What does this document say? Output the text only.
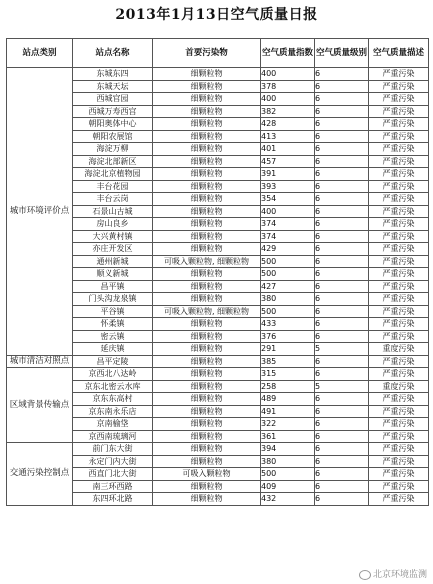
2013年1月13日空气质量日报
站点类别	站点名称	首要污染物	空气质量指数	空气质量级别	空气质量描述
城市环境评价点	东城东四	细颗粒物	400	6	严重污染
	东城天坛	细颗粒物	378	6	严重污染
	西城官园	细颗粒物	400	6	严重污染
	西城万寿西宫	细颗粒物	382	6	严重污染
	朝阳奥体中心	细颗粒物	428	6	严重污染
	朝阳农展馆	细颗粒物	413	6	严重污染
	海淀万柳	细颗粒物	401	6	严重污染
	海淀北部新区	细颗粒物	457	6	严重污染
	海淀北京植物园	细颗粒物	391	6	严重污染
	丰台花园	细颗粒物	393	6	严重污染
	丰台云岗	细颗粒物	354	6	严重污染
	石景山古城	细颗粒物	400	6	严重污染
	房山良乡	细颗粒物	374	6	严重污染
	大兴黄村镇	细颗粒物	374	6	严重污染
	亦庄开发区	细颗粒物	429	6	严重污染
	通州新城	可吸入颗粒物, 细颗粒物	500	6	严重污染
	顺义新城	细颗粒物	500	6	严重污染
	昌平镇	细颗粒物	427	6	严重污染
	门头沟龙泉镇	细颗粒物	380	6	严重污染
	平谷镇	可吸入颗粒物, 细颗粒物	500	6	严重污染
	怀柔镇	细颗粒物	433	6	严重污染
	密云镇	细颗粒物	376	6	严重污染
	延庆镇	细颗粒物	291	5	重度污染
城市清洁对照点	昌平定陵	细颗粒物	385	6	严重污染
区域背景传输点	京西北八达岭	细颗粒物	315	6	严重污染
	京东北密云水库	细颗粒物	258	5	重度污染
	京东东高村	细颗粒物	489	6	严重污染
	京东南永乐店	细颗粒物	491	6	严重污染
	京南榆垡	细颗粒物	322	6	严重污染
	京西南琉璃河	细颗粒物	361	6	严重污染
交通污染控制点	前门东大街	细颗粒物	394	6	严重污染
	永定门内大街	细颗粒物	380	6	严重污染
	西直门北大街	可吸入颗粒物	500	6	严重污染
	南三环西路	细颗粒物	409	6	严重污染
	东四环北路	细颗粒物	432	6	严重污染
北京环境监测
